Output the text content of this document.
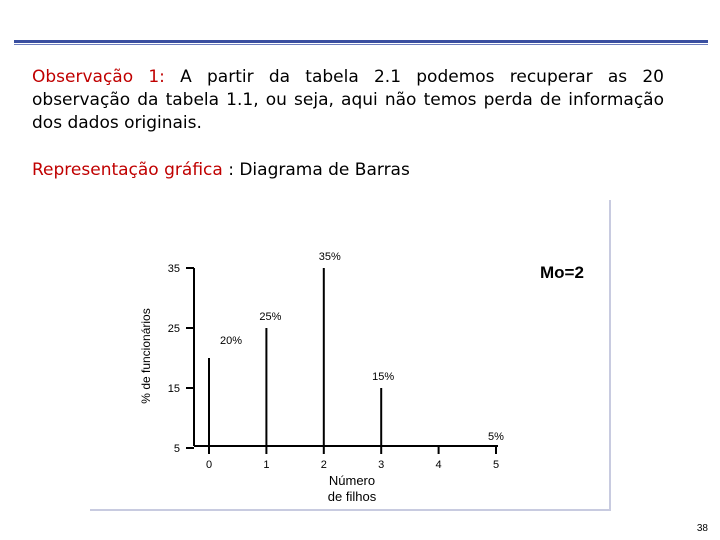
Observação 1: A partir da tabela 2.1 podemos recuperar as 20 observação da tabela 1.1, ou seja, aqui não temos perda de informação dos dados originais.
Representação gráfica : Diagrama de Barras
5
15
25
35
0	1	2	3	4	5
20%
25%
35%
15%
5%
Mo=2
% de funcionários
Número
de filhos
38
